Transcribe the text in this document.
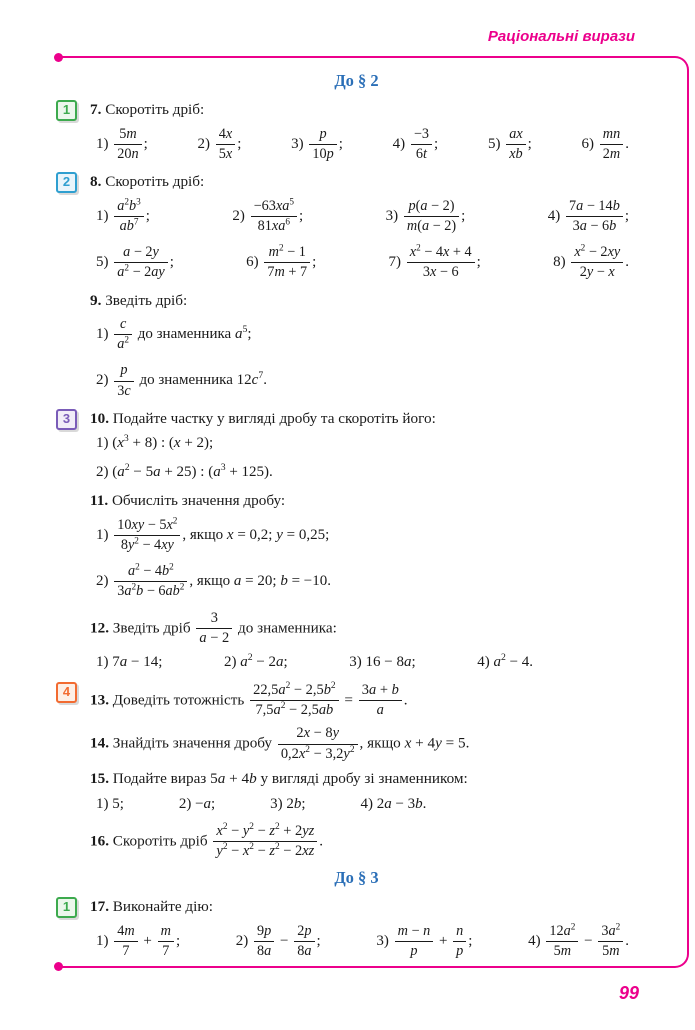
Раціональні вирази
99
До § 2
1	7. Скоротіть дріб:
$1) \frac{5m}{20n}$ ;	$2) \frac{4x}{5x}$ ;	$3) \frac{p}{10p}$ ;	$4) \frac{-3}{6t}$ ;	$5) \frac{ax}{xb}$ ;	$6) \frac{mn}{2m}$ .
2	8. Скоротіть дріб:
$1) \frac{a^2b^3}{ab^7}$ ;	$2) \frac{-63xa^5}{81xa^6}$ ;	$3) \frac{p(a - 2)}{m(a - 2)}$ ;	$4) \frac{7a - 14b}{3a - 6b}$ ;
$5) \frac{a - 2y}{a^2 - 2ay}$ ;	$6) \frac{m^2 - 1}{7m + 7}$ ;	$7) \frac{x^2 - 4x + 4}{3x - 6}$ ;	$8) \frac{x^2 - 2xy}{2y - x}$ .
9. Зведіть дріб:
$1) \frac{c}{a^2}$ до знаменника $a^5$;
$2) \frac{p}{3c}$ до знаменника $12c^7$.
3	10. Подайте частку у вигляді дробу та скоротіть його:
1) $(x^3 + 8)$ : (x + 2);
2) $(a^2 - 5a + 25)$ : $(a^3 + 125)$.
11. Обчисліть значення дробу:
$1) \frac{10xy - 5x^2}{8y^2 - 4xy}$ , якщо x = 0,2; y = 0,25;
$2) \frac{a^2 - 4b^2}{3a^2b - 6ab^2}$ , якщо a = 20; b = −10.
12. Зведіть дріб $\frac{3}{a - 2}$ до знаменника:
1) 7a − 14;	2) $a^2 - 2a$;	3) 16 − 8a;	4) $a^2 - 4$.
4	13. Доведіть тотожність $\frac{22,5a^2 - 2,5b^2}{7,5a^2 - 2,5ab} = \frac{3a + b}{a}$ .
14. Знайдіть значення дробу $\frac{2x - 8y}{0,2x^2 - 3,2y^2}$ , якщо x + 4y = 5.
15. Подайте вираз 5a + 4b у вигляді дробу зі знаменником:
1) 5;	2) −a;	3) 2b;	4) 2a − 3b.
16. Скоротіть дріб $\frac{x^2 - y^2 - z^2 + 2yz}{y^2 - x^2 - z^2 - 2xz}$ .
До § 3
1	17. Виконайте дію:
$1) \frac{4m}{7} + \frac{m}{7}$ ;	$2) \frac{9p}{8a} - \frac{2p}{8a}$ ;	$3) \frac{m - n}{p} + \frac{n}{p}$ ;	$4) \frac{12a^2}{5m} - \frac{3a^2}{5m}$ .
